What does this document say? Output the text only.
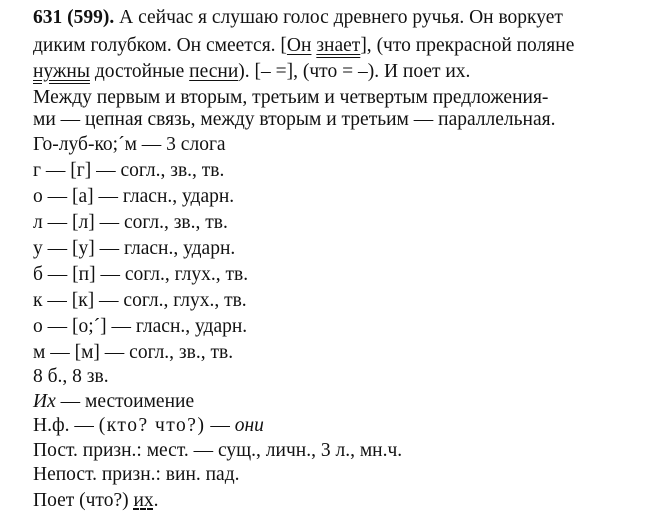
631 (599). А сейчас я слушаю голос древнего ручья. Он воркует
диким голубком. Он смеется. [Он знает], (что прекрасной поляне
нужны достойные песни). [– =], (что = –). И поет их.
Между первым и вторым, третьим и четвертым предложения-
ми — цепная связь, между вторым и третьим — параллельная.
Го-луб-ко;´м — 3 слога
г — [г] — согл., зв., тв.
о — [а] — гласн., ударн.
л — [л] — согл., зв., тв.
у — [у] — гласн., ударн.
б — [п] — согл., глух., тв.
к — [к] — согл., глух., тв.
о — [о;´] — гласн., ударн.
м — [м] — согл., зв., тв.
8 б., 8 зв.
Их — местоимение
Н.ф. — (кто? что?) — они
Пост. призн.: мест. — сущ., личн., 3 л., мн.ч.
Непост. призн.: вин. пад.
Поет (что?) их.
